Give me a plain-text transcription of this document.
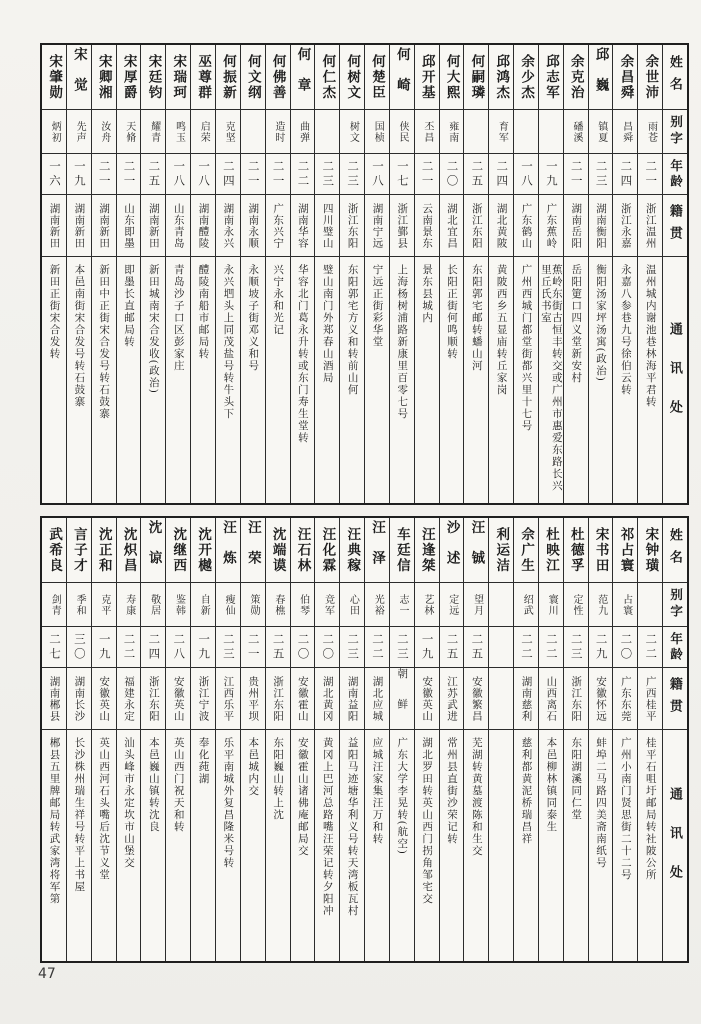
姓名
别字
年龄
籍贯
通讯处
余世沛
雨苍
二一
浙江温州
温州城内谢池巷林海平君转
余昌舜
昌舜
二四
浙江永嘉
永嘉八参巷九号徐伯云转
邱巍
镇夏
二三
湖南衡阳
衡阳汤家坪汤寓(政治)
余克治
磻溪
二一
湖南岳阳
岳阳筻口四义堂新安村
邱志军
一九
广东蕉岭
蕉岭东街古恒丰转交或广州市惠爱东路长兴里丘氏书室
余少杰
一八
广东鹤山
广州西城门都堂街都兴里十七号
邱鸿杰
育军
二四
湖北黄陂
黄陂西乡五显庙转丘家岗
何嗣璘
二五
浙江东阳
东阳郭宅邮转蟠山河
何大熙
雍南
二〇
湖北宜昌
长阳正街何鸣顺转
邱开基
丕昌
二一
云南景东
景东县城内
何崎
侠民
一七
浙江鄞县
上海杨树浦路新康里百零七号
何楚臣
国桢
一八
湖南宁远
宁远正街彩华堂
何树文
树文
二三
浙江东阳
东阳郭宅方义和转前山何
何仁杰
二三
四川璧山
璧山南门外郑春山酒局
何章
曲弹
二二
湖南华容
华容北门葛永升转或东门寿生堂转
何佛善
造时
二一
广东兴宁
兴宁永和光记
何文纲
二一
湖南永顺
永顺坡子街邓义和号
何振新
克坚
二四
湖南永兴
永兴垇头上同茂盐号转牛头下
巫尊群
启荣
一八
湖南醴陵
醴陵南船市邮局转
宋瑞珂
鸣玉
一八
山东青岛
青岛沙子口区彭家庄
宋廷钧
耀青
二五
湖南新田
新田城南宋合发收(政治)
宋厚爵
天脩
二一
山东即墨
即墨长直邮局转
宋卿湘
汝舟
二一
湖南新田
新田中正街宋合发号转石鼓寨
宋觉
先声
一九
湖南新田
本邑南街宋合发号转石鼓寨
宋肇勋
炳初
一六
湖南新田
新田正街宋合发转
姓名
别字
年龄
籍贯
通讯处
宋钟璜
二二
广西桂平
桂平石咀圩邮局转社陂公所
祁占寰
占寰
二〇
广东东莞
广州小南门贤思街二十二号
宋书田
范九
二九
安徽怀远
蚌埠二马路四美斋南纸号
杜德孚
定性
二三
浙江东阳
东阳湖溪同仁堂
杜映江
寰川
二二
山西离石
本邑柳林镇同泰生
佘广生
绍武
二二
湖南慈利
慈利都黄泥桥瑞昌祥
利运洁
汪铖
望月
二五
安徽繁昌
芜湖转黄墓渡陈和生交
沙述
定远
二五
江苏武进
常州县直街沙荣记转
汪逢桀
艺林
一九
安徽英山
湖北罗田转英山西门拐角邹宅交
车廷信
志一
二三
朝鲜
广东大学李晃转(航空)
汪泽
光裕
二二
湖北应城
应城汪家集汪万和转
汪典稼
心田
二三
湖南益阳
益阳马迹塘华利义号转天湾板瓦村
汪化霖
竞军
二〇
湖北黄冈
黄冈上巴河总路嘴汪荣记转夕阳冲
汪石林
伯琴
二〇
安徽霍山
安徽霍山诸佛庵邮局交
沈端谟
春樵
二五
浙江东阳
东阳巍山转上沈
汪荣
策勋
二一
贵州平坝
本邑城内交
汪炼
瘦仙
二三
江西乐平
乐平南城外复昌隆米号转
沈开樾
自新
一九
浙江宁波
奉化莼湖
沈继西
鉴韩
二八
安徽英山
英山西门祝天和转
沈谅
敬居
二四
浙江东阳
本邑巍山镇转沈良
沈炽昌
寿康
二二
福建永定
汕头峰市永定坎市山堡交
沈正和
克平
一九
安徽英山
英山西河石头嘴后沈节义堂
言子才
季和
三〇
湖南长沙
长沙株州瑞生祥号转平上书屋
武希良
剑青
二七
湖南郴县
郴县五里牌邮局转武家湾将军第
47
